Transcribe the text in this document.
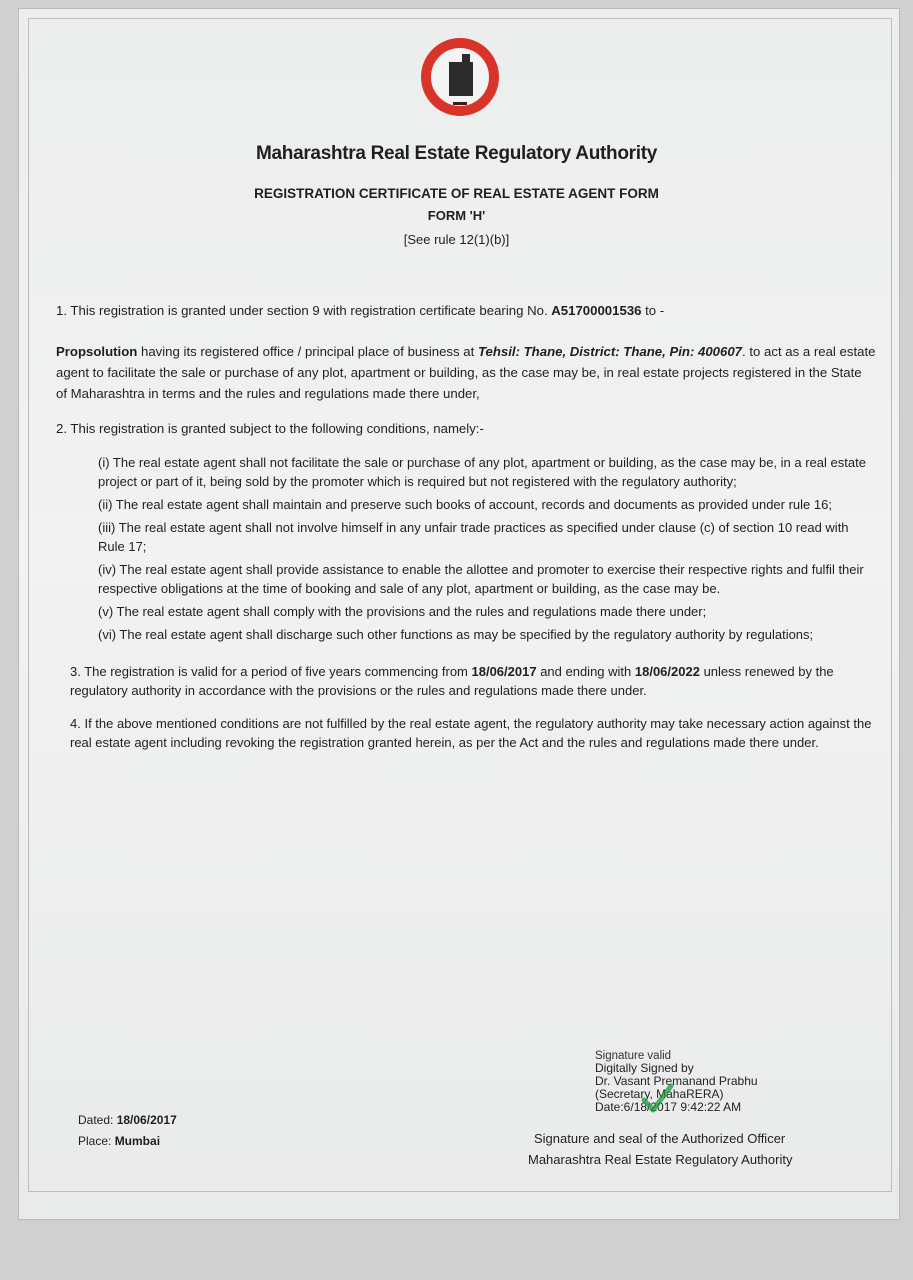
Maharashtra Real Estate Regulatory Authority
REGISTRATION CERTIFICATE OF REAL ESTATE AGENT FORM
FORM 'H'
[See rule 12(1)(b)]

1. This registration is granted under section 9 with registration certificate bearing No. A51700001536 to -

Propsolution having its registered office / principal place of business at Tehsil: Thane, District: Thane, Pin: 400607. to act as a real estate agent to facilitate the sale or purchase of any plot, apartment or building, as the case may be, in real estate projects registered in the State of Maharashtra in terms and the rules and regulations made there under,

2. This registration is granted subject to the following conditions, namely:-

(i) The real estate agent shall not facilitate the sale or purchase of any plot, apartment or building, as the case may be, in a real estate project or part of it, being sold by the promoter which is required but not registered with the regulatory authority;

(ii) The real estate agent shall maintain and preserve such books of account, records and documents as provided under rule 16;

(iii) The real estate agent shall not involve himself in any unfair trade practices as specified under clause (c) of section 10 read with Rule 17;

(iv) The real estate agent shall provide assistance to enable the allottee and promoter to exercise their respective rights and fulfil their respective obligations at the time of booking and sale of any plot, apartment or building, as the case may be.

(v) The real estate agent shall comply with the provisions and the rules and regulations made there under;

(vi) The real estate agent shall discharge such other functions as may be specified by the regulatory authority by regulations;

3. The registration is valid for a period of five years commencing from 18/06/2017 and ending with 18/06/2022 unless renewed by the regulatory authority in accordance with the provisions or the rules and regulations made there under.

4. If the above mentioned conditions are not fulfilled by the real estate agent, the regulatory authority may take necessary action against the real estate agent including revoking the registration granted herein, as per the Act and the rules and regulations made there under.

Signature valid
Digitally Signed by
Dr. Vasant Premanand Prabhu
(Secretary, MahaRERA)
Date:6/18/2017 9:42:22 AM
Signature and seal of the Authorized Officer
Maharashtra Real Estate Regulatory Authority
Dated: 18/06/2017
Place: Mumbai
